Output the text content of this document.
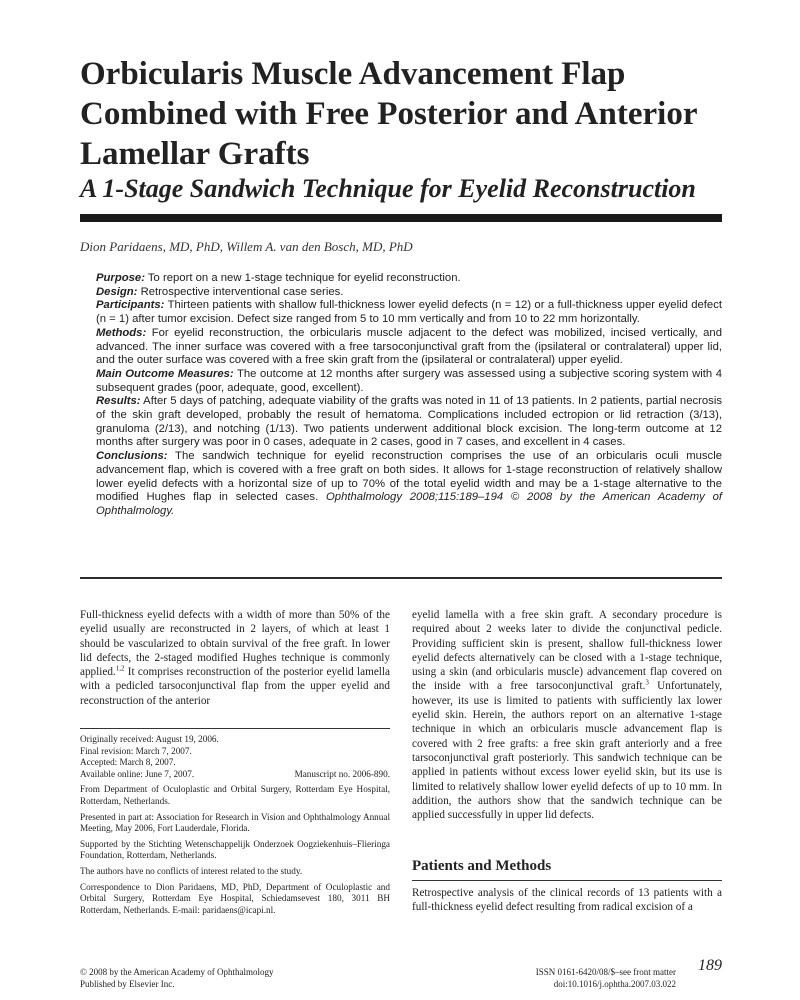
Orbicularis Muscle Advancement Flap Combined with Free Posterior and Anterior Lamellar Grafts
A 1-Stage Sandwich Technique for Eyelid Reconstruction

Dion Paridaens, MD, PhD, Willem A. van den Bosch, MD, PhD

Purpose: To report on a new 1-stage technique for eyelid reconstruction.

Design: Retrospective interventional case series.

Participants: Thirteen patients with shallow full-thickness lower eyelid defects (n = 12) or a full-thickness upper eyelid defect (n = 1) after tumor excision. Defect size ranged from 5 to 10 mm vertically and from 10 to 22 mm horizontally.

Methods: For eyelid reconstruction, the orbicularis muscle adjacent to the defect was mobilized, incised vertically, and advanced. The inner surface was covered with a free tarsoconjunctival graft from the (ipsilateral or contralateral) upper lid, and the outer surface was covered with a free skin graft from the (ipsilateral or contralateral) upper eyelid.

Main Outcome Measures: The outcome at 12 months after surgery was assessed using a subjective scoring system with 4 subsequent grades (poor, adequate, good, excellent).

Results: After 5 days of patching, adequate viability of the grafts was noted in 11 of 13 patients. In 2 patients, partial necrosis of the skin graft developed, probably the result of hematoma. Complications included ectropion or lid retraction (3/13), granuloma (2/13), and notching (1/13). Two patients underwent additional block excision. The long-term outcome at 12 months after surgery was poor in 0 cases, adequate in 2 cases, good in 7 cases, and excellent in 4 cases.

Conclusions: The sandwich technique for eyelid reconstruction comprises the use of an orbicularis oculi muscle advancement flap, which is covered with a free graft on both sides. It allows for 1-stage reconstruction of relatively shallow lower eyelid defects with a horizontal size of up to 70% of the total eyelid width and may be a 1-stage alternative to the modified Hughes flap in selected cases. Ophthalmology 2008;115:189–194 © 2008 by the American Academy of Ophthalmology.

Full-thickness eyelid defects with a width of more than 50% of the eyelid usually are reconstructed in 2 layers, of which at least 1 should be vascularized to obtain survival of the free graft. In lower lid defects, the 2-staged modified Hughes technique is commonly applied.$^{1,2}$ It comprises reconstruction of the posterior eyelid lamella with a pedicled tarsoconjunctival flap from the upper eyelid and reconstruction of the anterior

Originally received: August 19, 2006.

Final revision: March 7, 2007.

Accepted: March 8, 2007.

Available online: June 7, 2007.	Manuscript no. 2006-890.

From Department of Oculoplastic and Orbital Surgery, Rotterdam Eye Hospital, Rotterdam, Netherlands.

Presented in part at: Association for Research in Vision and Ophthalmology Annual Meeting, May 2006, Fort Lauderdale, Florida.

Supported by the Stichting Wetenschappelijk Onderzoek Oogziekenhuis–Flieringa Foundation, Rotterdam, Netherlands.

The authors have no conflicts of interest related to the study.

Correspondence to Dion Paridaens, MD, PhD, Department of Oculoplastic and Orbital Surgery, Rotterdam Eye Hospital, Schiedamsevest 180, 3011 BH Rotterdam, Netherlands. E-mail: paridaens@icapi.nl.

eyelid lamella with a free skin graft. A secondary procedure is required about 2 weeks later to divide the conjunctival pedicle. Providing sufficient skin is present, shallow full-thickness lower eyelid defects alternatively can be closed with a 1-stage technique, using a skin (and orbicularis muscle) advancement flap covered on the inside with a free tarsoconjunctival graft.$^3$ Unfortunately, however, its use is limited to patients with sufficiently lax lower eyelid skin. Herein, the authors report on an alternative 1-stage technique in which an orbicularis muscle advancement flap is covered with 2 free grafts: a free skin graft anteriorly and a free tarsoconjunctival graft posteriorly. This sandwich technique can be applied in patients without excess lower eyelid skin, but its use is limited to relatively shallow lower eyelid defects of up to 10 mm. In addition, the authors show that the sandwich technique can be applied successfully in upper lid defects.

Patients and Methods

Retrospective analysis of the clinical records of 13 patients with a full-thickness eyelid defect resulting from radical excision of a

© 2008 by the American Academy of Ophthalmology
Published by Elsevier Inc.
ISSN 0161-6420/08/$–see front matter
doi:10.1016/j.ophtha.2007.03.022
189
